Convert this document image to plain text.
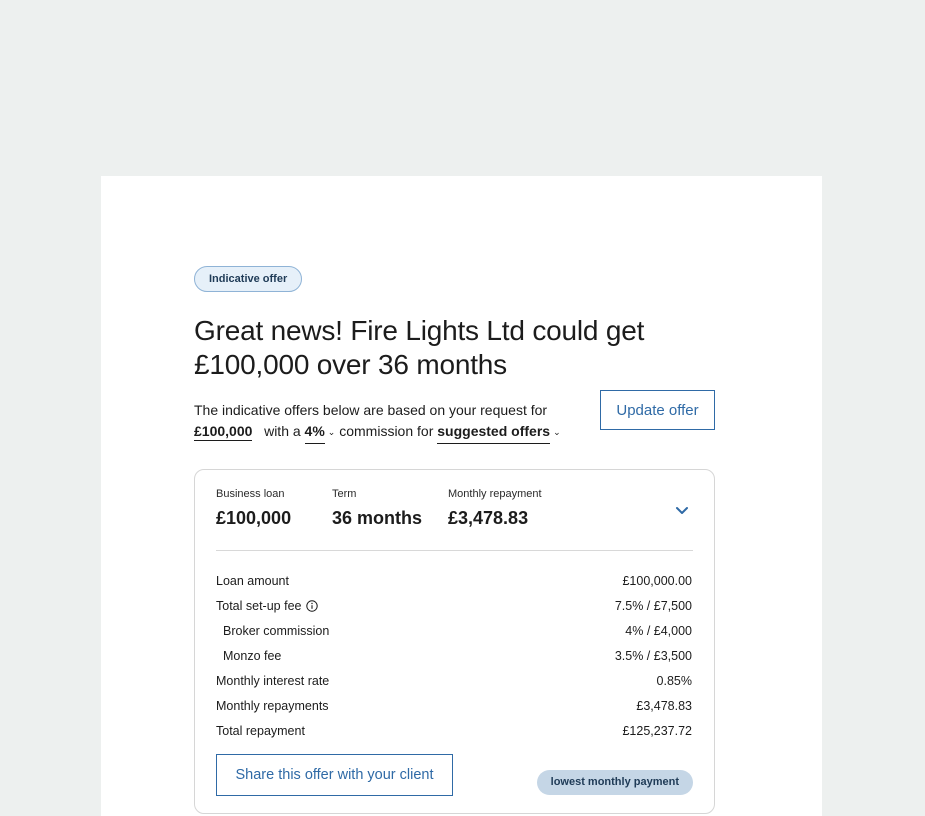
Indicative offer
Great news! Fire Lights Ltd could get £100,000 over 36 months
The indicative offers below are based on your request for
£100,000 with a 4% ⌄ commission for suggested offers ⌄
Update offer
Business loan
£100,000
Term
36 months
Monthly repayment
£3,478.83
Loan amount	£100,000.00
Total set-up fee	7.5% / £7,500
Broker commission	4% / £4,000
Monzo fee	3.5% / £3,500
Monthly interest rate	0.85%
Monthly repayments	£3,478.83
Total repayment	£125,237.72
Share this offer with your client	lowest monthly payment
